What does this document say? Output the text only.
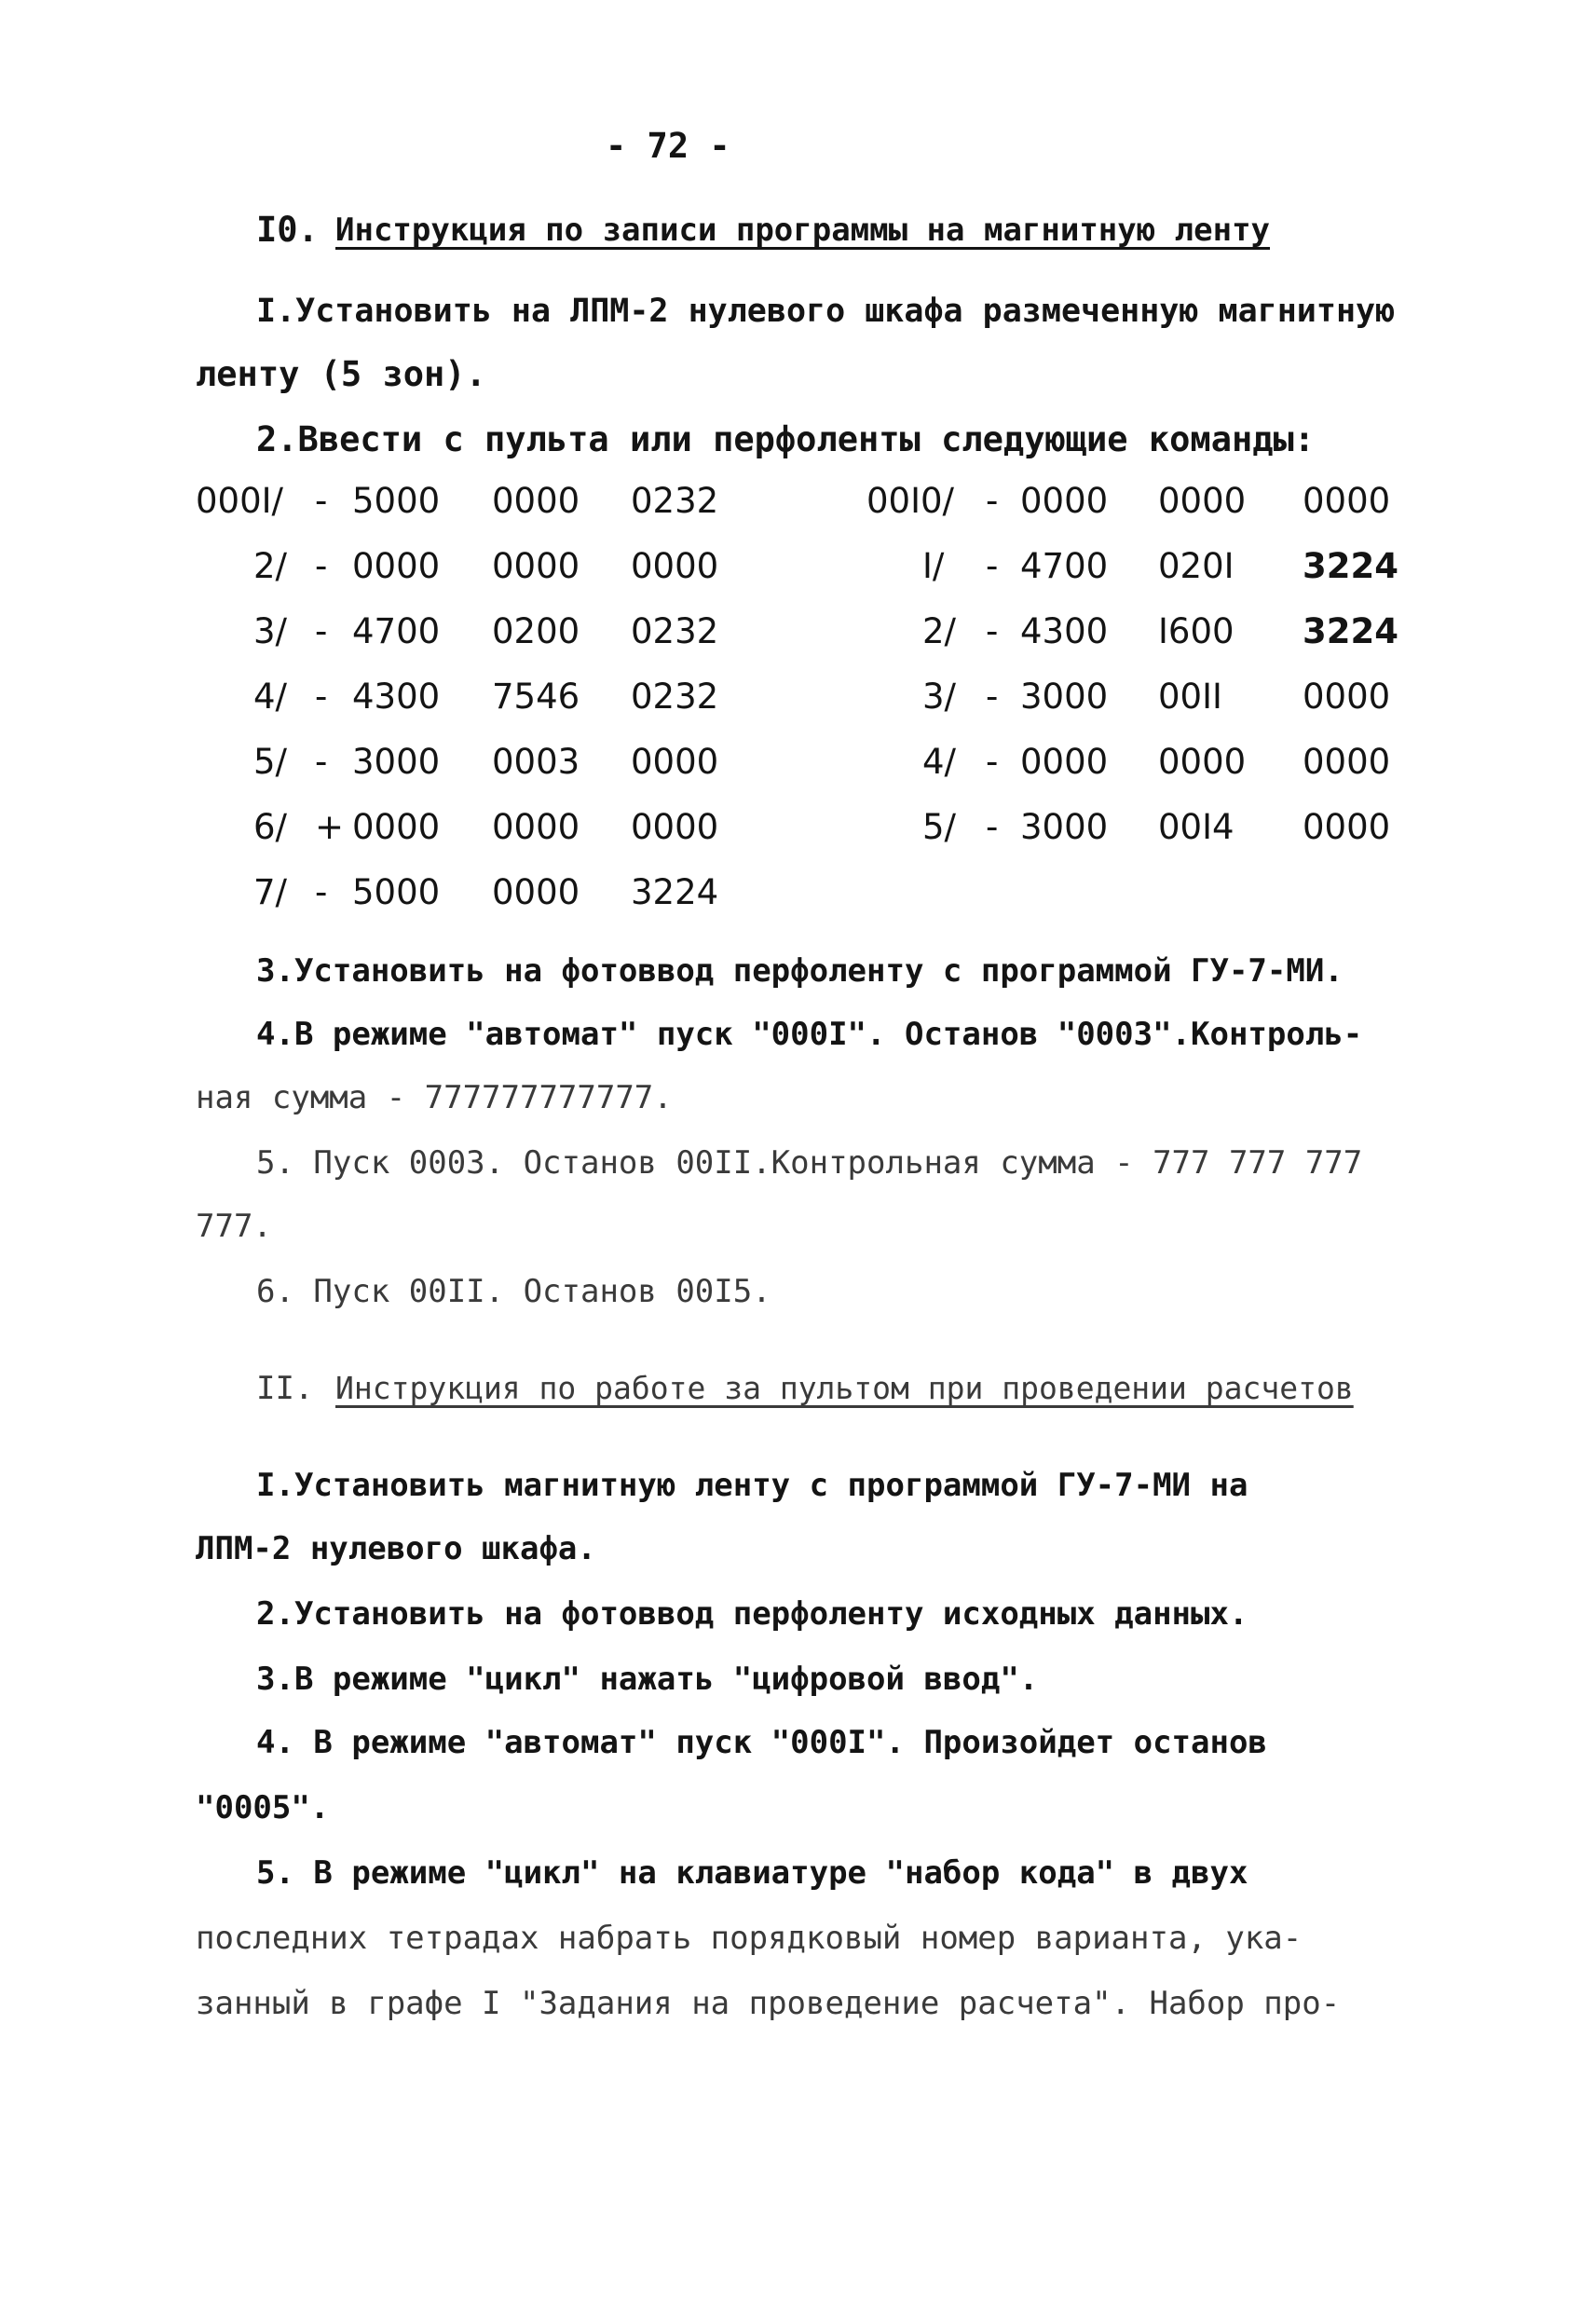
- 72 -
I0. Инструкция по записи программы на магнитную ленту
I.Установить на ЛПМ-2 нулевого шкафа размеченную магнитную
ленту (5 зон).
2.Ввести с пульта или перфоленты следующие команды:
000I/ - 5000 0000 0232
2/ - 0000 0000 0000
3/ - 4700 0200 0232
4/ - 4300 7546 0232
5/ - 3000 0003 0000
6/ + 0000 0000 0000
7/ - 5000 0000 3224
00I0/ - 0000 0000 0000
I/ - 4700 020I 3224
2/ - 4300 I600 3224
3/ - 3000 00II 0000
4/ - 0000 0000 0000
5/ - 3000 00I4 0000
3.Установить на фотоввод перфоленту с программой ГУ-7-МИ.
4.В режиме "автомат" пуск "000I". Останов "0003".Контроль-
ная сумма - 777777777777.
5. Пуск 0003. Останов 00II.Контрольная сумма - 777 777 777
777.
6. Пуск 00II. Останов 00I5.
II. Инструкция по работе за пультом при проведении расчетов
I.Установить магнитную ленту с программой ГУ-7-МИ на
ЛПМ-2 нулевого шкафа.
2.Установить на фотоввод перфоленту исходных данных.
3.В режиме "цикл" нажать "цифровой ввод".
4. В режиме "автомат" пуск "000I". Произойдет останов
"0005".
5. В режиме "цикл" на клавиатуре "набор кода" в двух
последних тетрадах набрать порядковый номер варианта, ука-
занный в графе I "Задания на проведение расчета". Набор про-
